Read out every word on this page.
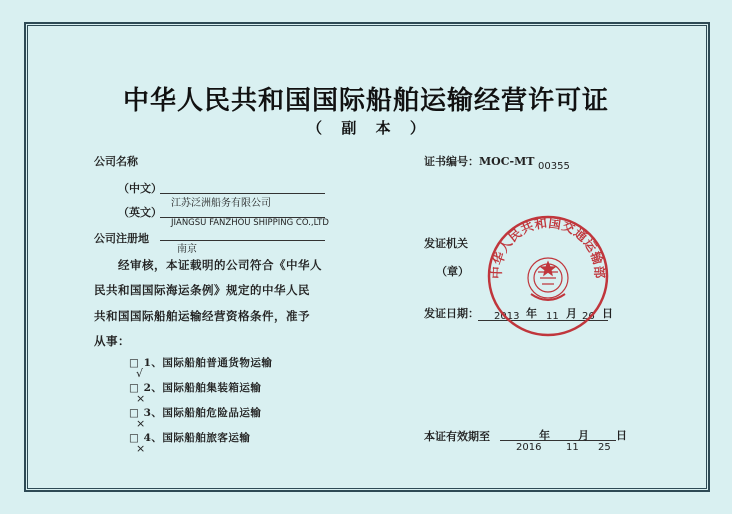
中华人民共和国国际船舶运输经营许可证
（ 副 本 ）
公司名称
（中文）
江苏泛洲船务有限公司
（英文）
JIANGSU FANZHOU SHIPPING CO.,LTD
公司注册地
南京
经审核，本证载明的公司符合《中华人
民共和国国际海运条例》规定的中华人民
共和国国际船舶运输经营资格条件，准予
从事：
□ 1、国际船舶普通货物运输
√
□ 2、国际船舶集装箱运输
×
□ 3、国际船舶危险品运输
×
□ 4、国际船舶旅客运输
×
证书编号：MOC-MT 00355
发证机关
（章）
发证日期： 2013 年 11 月 26 日
本证有效期至
2016
年
11
月
25
日
中华人民共和国交通运输部
